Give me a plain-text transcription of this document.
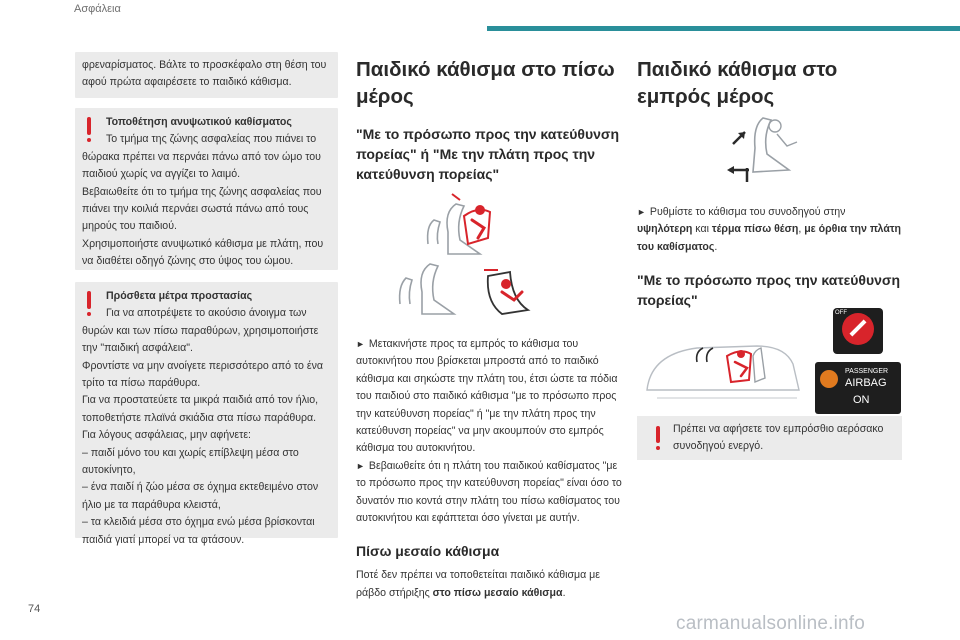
Ασφάλεια

φρεναρίσματος. Βάλτε το προσκέφαλο στη θέση του αφού πρώτα αφαιρέσετε το παιδικό κάθισμα.

Τοποθέτηση ανυψωτικού καθίσματος

Το τμήμα της ζώνης ασφαλείας που πιάνει το θώρακα πρέπει να περνάει πάνω από τον ώμο του παιδιού χωρίς να αγγίζει το λαιμό.

Βεβαιωθείτε ότι το τμήμα της ζώνης ασφαλείας που πιάνει την κοιλιά περνάει σωστά πάνω από τους μηρούς του παιδιού.

Χρησιμοποιήστε ανυψωτικό κάθισμα με πλάτη, που να διαθέτει οδηγό ζώνης στο ύψος του ώμου.

Πρόσθετα μέτρα προστασίας

Για να αποτρέψετε το ακούσιο άνοιγμα των θυρών και των πίσω παραθύρων, χρησιμοποιήστε την "παιδική ασφάλεια".

Φροντίστε να μην ανοίγετε περισσότερο από το ένα τρίτο τα πίσω παράθυρα.

Για να προστατεύετε τα μικρά παιδιά από τον ήλιο, τοποθετήστε πλαϊνά σκιάδια στα πίσω παράθυρα.

Για λόγους ασφάλειας, μην αφήνετε:

– παιδί μόνο του και χωρίς επίβλεψη μέσα στο αυτοκίνητο,

– ένα παιδί ή ζώο μέσα σε όχημα εκτεθειμένο στον ήλιο με τα παράθυρα κλειστά,

– τα κλειδιά μέσα στο όχημα ενώ μέσα βρίσκονται παιδιά γιατί μπορεί να τα φτάσουν.

Παιδικό κάθισμα στο πίσω μέρος
"Με το πρόσωπο προς την κατεύθυνση πορείας" ή "Με την πλάτη προς την κατεύθυνση πορείας"

► Μετακινήστε προς τα εμπρός το κάθισμα του αυτοκινήτου που βρίσκεται μπροστά από το παιδικό κάθισμα και σηκώστε την πλάτη του, έτσι ώστε τα πόδια του παιδιού στο παιδικό κάθισμα "με το πρόσωπο προς την κατεύθυνση πορείας" ή "με την πλάτη προς την κατεύθυνση πορείας" να μην ακουμπούν στο εμπρός κάθισμα του αυτοκινήτου.

► Βεβαιωθείτε ότι η πλάτη του παιδικού καθίσματος "με το πρόσωπο προς την κατεύθυνση πορείας" είναι όσο το δυνατόν πιο κοντά στην πλάτη του πίσω καθίσματος του αυτοκινήτου και εφάπτεται όσο γίνεται με αυτήν.

Πίσω μεσαίο κάθισμα

Ποτέ δεν πρέπει να τοποθετείται παιδικό κάθισμα με ράβδο στήριξης στο πίσω μεσαίο κάθισμα.

Παιδικό κάθισμα στο εμπρός μέρος

► Ρυθμίστε το κάθισμα του συνοδηγού στην υψηλότερη και τέρμα πίσω θέση, με όρθια την πλάτη του καθίσματος.

"Με το πρόσωπο προς την κατεύθυνση πορείας"
OFF
PASSENGER
AIRBAG
ON
Πρέπει να αφήσετε τον εμπρόσθιο αερόσακο συνοδηγού ενεργό.
74
carmanualsonline.info
